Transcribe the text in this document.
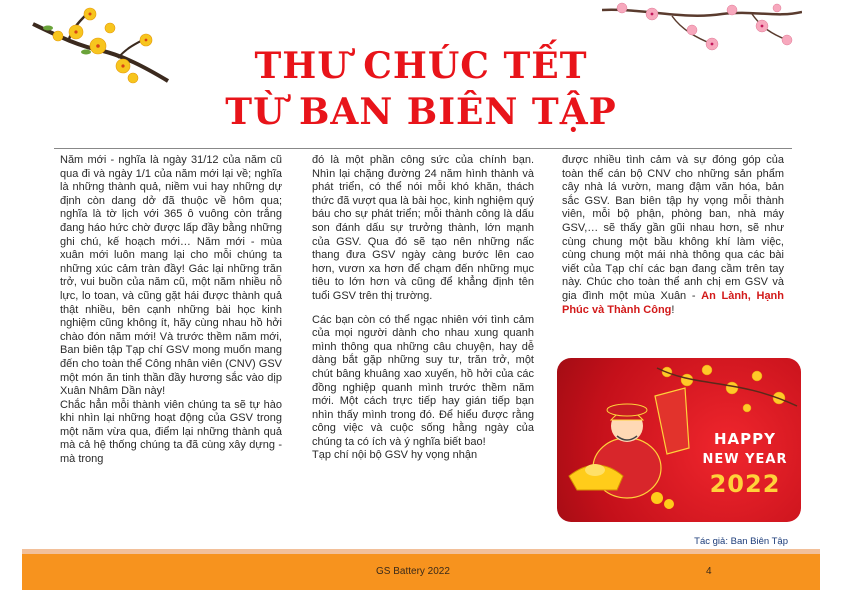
THƯ CHÚC TẾT
TỪ BAN BIÊN TẬP

Năm mới - nghĩa là ngày 31/12 của năm cũ qua đi và ngày 1/1 của năm mới lại về; nghĩa là những thành quả, niềm vui hay những dự định còn dang dở đã thuộc về hôm qua; nghĩa là tờ lịch với 365 ô vuông còn trắng đang háo hức chờ được lấp đầy bằng những ghi chú, kế hoạch mới… Năm mới - mùa xuân mới luôn mang lại cho mỗi chúng ta những xúc cảm tràn đầy! Gác lại những trăn trở, vui buồn của năm cũ, một năm nhiều nỗ lực, lo toan, và cũng gặt hái được thành quả thật nhiều, bên cạnh những bài học kinh nghiệm cũng không ít, hãy cùng nhau hồ hởi chào đón năm mới! Và trước thềm năm mới, Ban biên tập Tạp chí GSV mong muốn mang đến cho toàn thể Công nhân viên (CNV) GSV một món ăn tinh thần đầy hương sắc vào dịp Xuân Nhâm Dần này!

Chắc hẳn mỗi thành viên chúng ta sẽ tự hào khi nhìn lại những hoạt động của GSV trong một năm vừa qua, điểm lại những thành quả mà cả hệ thống chúng ta đã cùng xây dựng - mà trong

đó là một phần công sức của chính bạn. Nhìn lại chặng đường 24 năm hình thành và phát triển, có thể nói mỗi khó khăn, thách thức đã vượt qua là bài học, kinh nghiệm quý báu cho sự phát triển; mỗi thành công là dấu son đánh dấu sự trưởng thành, lớn mạnh của GSV. Qua đó sẽ tạo nên những nấc thang đưa GSV ngày càng bước lên cao hơn, vươn xa hơn để chạm đến những mục tiêu to lớn hơn và cũng để khẳng định tên tuổi GSV trên thị trường.

Các bạn còn có thể ngạc nhiên với tình cảm của mọi người dành cho nhau xung quanh mình thông qua những câu chuyện, hay dễ dàng bắt gặp những suy tư, trăn trở, một chút bâng khuâng xao xuyến, hồ hởi của các đồng nghiệp quanh mình trước thềm năm mới. Một cách trực tiếp hay gián tiếp bạn nhìn thấy mình trong đó. Để hiểu được rằng công việc và cuộc sống hằng ngày của chúng ta có ích và ý nghĩa biết bao!

Tạp chí nội bộ GSV hy vọng nhận

được nhiều tình cảm và sự đóng góp của toàn thể cán bộ CNV cho những sản phẩm cây nhà lá vườn, mang đậm văn hóa, bản sắc GSV. Ban biên tập hy vọng mỗi thành viên, mỗi bộ phận, phòng ban, nhà máy GSV,… sẽ thấy gần gũi nhau hơn, sẽ như cùng chung một bầu không khí làm việc, cùng chung một mái nhà thông qua các bài viết của Tạp chí các bạn đang cầm trên tay này. Chúc cho toàn thể anh chị em GSV và gia đình một mùa Xuân - An Lành, Hạnh Phúc và Thành Công!

HAPPY
NEW YEAR
2022
Tác giả: Ban Biên Tập
GS Battery 2022	4
